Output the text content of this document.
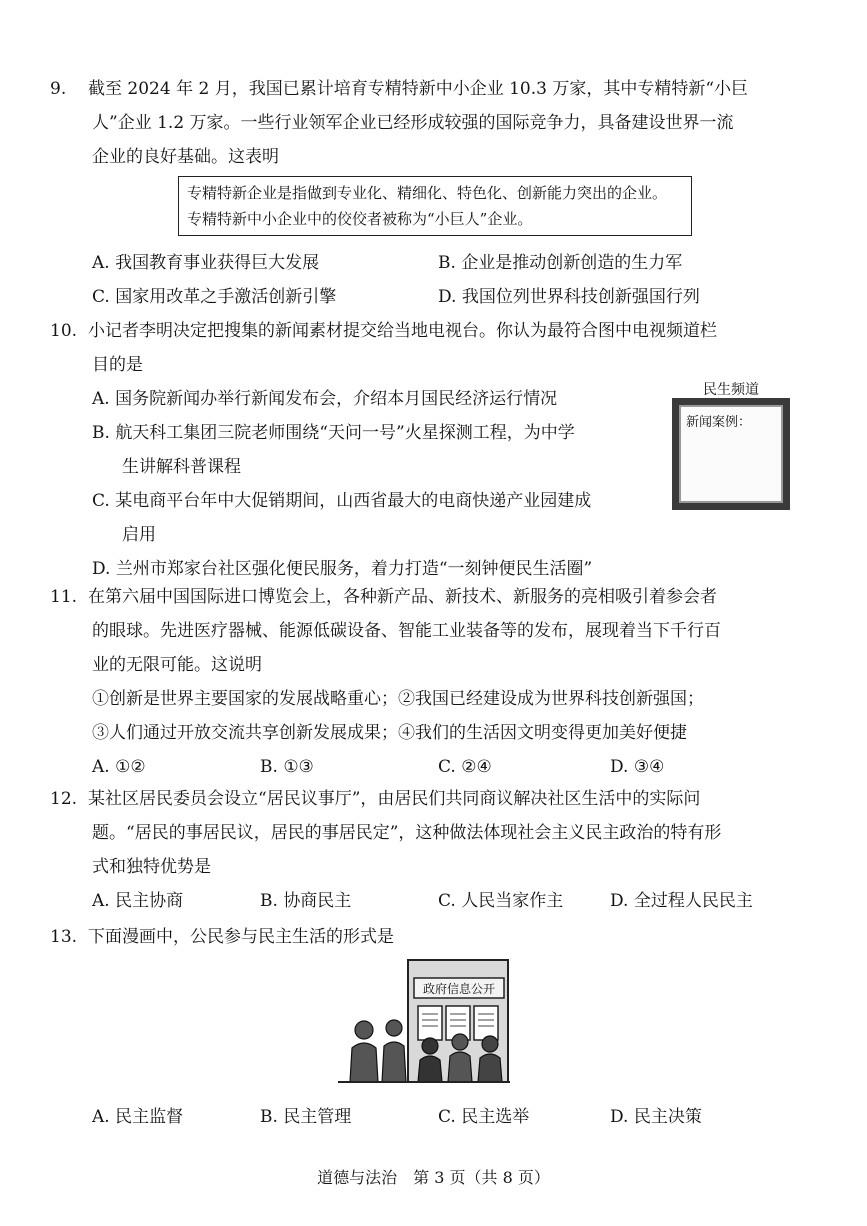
9. 截至 2024 年 2 月，我国已累计培育专精特新中小企业 10.3 万家，其中专精特新“小巨
人”企业 1.2 万家。一些行业领军企业已经形成较强的国际竞争力，具备建设世界一流
企业的良好基础。这表明
专精特新企业是指做到专业化、精细化、特色化、创新能力突出的企业。
专精特新中小企业中的佼佼者被称为“小巨人”企业。
A. 我国教育事业获得巨大发展	B. 企业是推动创新创造的生力军
C. 国家用改革之手激活创新引擎	D. 我国位列世界科技创新强国行列
10. 小记者李明决定把搜集的新闻素材提交给当地电视台。你认为最符合图中电视频道栏
目的是
A. 国务院新闻办举行新闻发布会，介绍本月国民经济运行情况
B. 航天科工集团三院老师围绕“天问一号”火星探测工程，为中学
生讲解科普课程
C. 某电商平台年中大促销期间，山西省最大的电商快递产业园建成
启用
D. 兰州市郑家台社区强化便民服务，着力打造“一刻钟便民生活圈”
民生频道
新闻案例：
11. 在第六届中国国际进口博览会上，各种新产品、新技术、新服务的亮相吸引着参会者
的眼球。先进医疗器械、能源低碳设备、智能工业装备等的发布，展现着当下千行百
业的无限可能。这说明
①创新是世界主要国家的发展战略重心；②我国已经建设成为世界科技创新强国；
③人们通过开放交流共享创新发展成果；④我们的生活因文明变得更加美好便捷
A. ①②	B. ①③	C. ②④	D. ③④
12. 某社区居民委员会设立“居民议事厅”，由居民们共同商议解决社区生活中的实际问
题。“居民的事居民议，居民的事居民定”，这种做法体现社会主义民主政治的特有形
式和独特优势是
A. 民主协商	B. 协商民主	C. 人民当家作主	D. 全过程人民民主
13. 下面漫画中，公民参与民主生活的形式是
政府信息公开
A. 民主监督	B. 民主管理	C. 民主选举	D. 民主决策
道德与法治　第 3 页（共 8 页）
